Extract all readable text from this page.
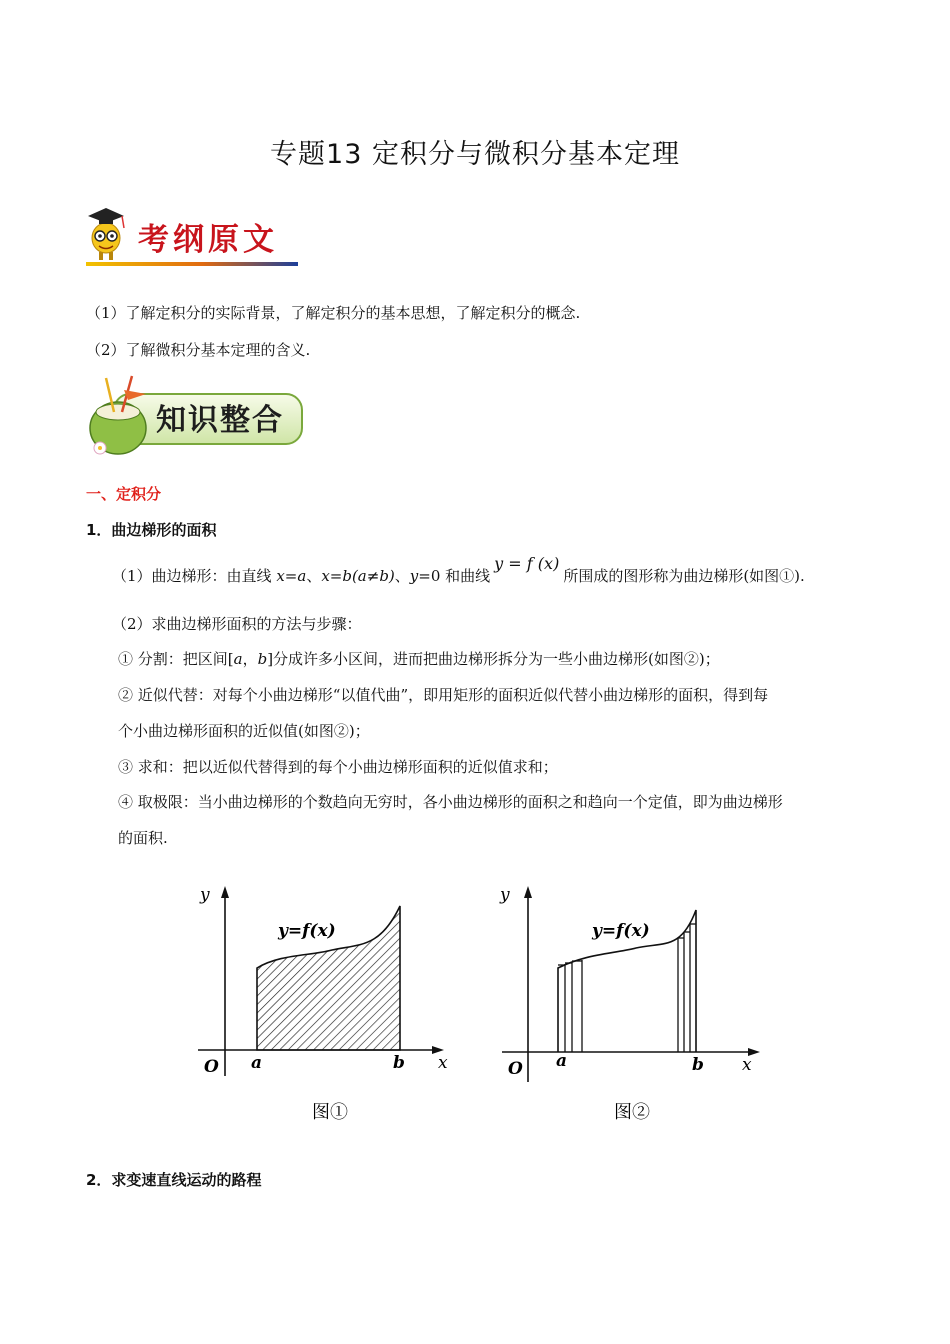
专题13 定积分与微积分基本定理
考纲原文
（1）了解定积分的实际背景，了解定积分的基本思想，了解定积分的概念.
（2）了解微积分基本定理的含义.
知识整合
一、定积分
1．曲边梯形的面积
（1）曲边梯形：由直线 x=a、x=b(a≠b)、y=0 和曲线y = f (x)所围成的图形称为曲边梯形(如图①).
（2）求曲边梯形面积的方法与步骤：
① 分割：把区间[a，b]分成许多小区间，进而把曲边梯形拆分为一些小曲边梯形(如图②)；
② 近似代替：对每个小曲边梯形“以值代曲”，即用矩形的面积近似代替小曲边梯形的面积，得到每
个小曲边梯形面积的近似值(如图②)；
③ 求和：把以近似代替得到的每个小曲边梯形面积的近似值求和；
④ 取极限：当小曲边梯形的个数趋向无穷时，各小曲边梯形的面积之和趋向一个定值，即为曲边梯形
的面积.
y
x
O a	b
y=f(x)
图①
y
x
O a	b
y=f(x)
图②
2．求变速直线运动的路程
